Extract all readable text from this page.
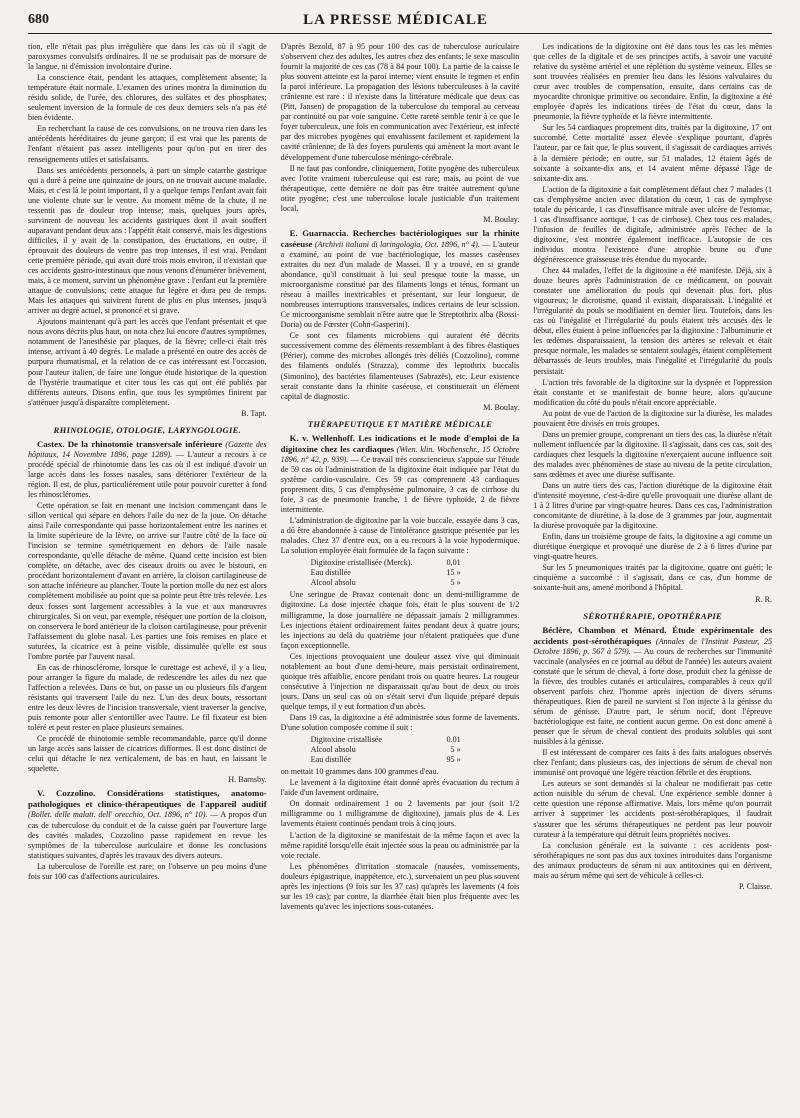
680	LA PRESSE MÉDICALE

tion, elle n'était pas plus irrégulière que dans les cas où il s'agit de paroxysmes convulsifs ordinaires. Il ne se produisait pas de morsure de la langue, ni d'émission involontaire d'urine.

La conscience était, pendant les attaques, complètement absente; la température était normale. L'examen des urines montra la diminution du résidu solide, de l'urée, des chlorures, des sulfates et des phosphates; seulement inversion de la formule de ces deux derniers sels n'a pas été bien évidente.

En recherchant la cause de ces convulsions, on ne trouva rien dans les antécédents héréditaires du jeune garçon; il est vrai que les parents de l'enfant n'étaient pas assez intelligents pour qu'on put en tirer des renseignements utiles et satisfaisants.

Dans ses antécédents personnels, à part un simple catarrhe gastrique qui a duré à peine une quinzaine de jours, on ne trouvait aucune maladie. Mais, et c'est là le point important, il y a quelque temps l'enfant avait fait une violente chute sur le ventre. Au moment même de la chute, il ne ressentit pas de douleur trop intense; mais, quelques jours après, survinrent de nouveau les accidents gastriques dont il avait souffert auparavant pendant deux ans : l'appétit était conservé, mais les digestions difficiles, il y avait de la constipation, des éructations, en outre, il éprouvait des douleurs de ventre pas trop intenses, il est vrai. Pendant cette première période, qui avait duré trois mois environ, il n'existait que ces accidents gastro-intestinaux que nous venons d'énumérer brièvement, mais, à ce moment, survint un phénomène grave : l'enfant eut la première attaque de convulsions; cette attaque fut légère et dura peu de temps. Mais les attaques qui suivirent furent de plus en plus intenses, jusqu'à arriver au degré actuel, si prononcé et si grave.

Ajoutons maintenant qu'à part les accès que l'enfant présentait et que nous avons décrits plus haut, on nota chez lui encore d'autres symptômes, notamment de l'anesthésie par plaques, de la fièvre; celle-ci était très intense, arrivant à 40 degrés. Le malade a présenté en outre des accès de purpura rhumatismal, et la relation de ce cas intéressant est l'occasion, pour l'auteur italien, de faire une longue étude historique de la question de l'hystérie traumatique et citer tous les cas qui ont été publiés par différents auteurs. Disons enfin, que tous les symptômes finirent par s'atténuer jusqu'à disparaître complètement.

B. Tapt.

RHINOLOGIE, OTOLOGIE, LARYNGOLOGIE.

Castex. De la rhinotomie transversale inférieure (Gazette des hôpitaux, 14 Novembre 1896, page 1289). — L'auteur a recours à ce procédé spécial de rhinotomie dans les cas où il est indiqué d'avoir un large accès dans les fosses nasales, sans détériorer l'extérieur de la région. Il est, de plus, particulièrement utile pour pouvoir curetter à fond les rhinoscléromes.

Cette opération se fait en menant une incision commençant dans le sillon vertical qui sépare en dehors l'aile du nez de la joue. On détache ainsi l'aile correspondante qui passe horizontalement entre les narines et la limite supérieure de la lèvre, on arrive sur l'autre côté de la face où l'incision se termine symétriquement en dehors de l'aile nasale correspondante, qu'elle détache de même. Quand cette incision est bien complète, on détache, avec des ciseaux droits ou avec le bistouri, en procédant horizontalement d'avant en arrière, la cloison cartilagineuse de son attache inférieure au plancher. Toute la portion molle du nez est alors complètement mobilisée au point que sa pointe peut être très relevée. Les deux fosses sont largement accessibles à la vue et aux manœuvres chirurgicales. Si on veut, par exemple, réséquer une portion de la cloison, on conservera le bord antérieur de la cloison cartilagineuse, pour prévenir l'affaissement du globe nasal. Les parties une fois remises en place et suturées, la cicatrice est à peine visible, dissimulée qu'elle est sous l'ombre portée par l'auvent nasal.

En cas de rhinosclérome, lorsque le curettage est achevé, il y a lieu, pour arranger la figure du malade, de redescendre les ailes du nez que l'affection a relevées. Dans ce but, on passe un ou plusieurs fils d'argent résistants qui traversent l'aile du nez. L'un des deux bouts, ressortant entre les deux lèvres de l'incision transversale, vient traverser la gencive, puis remonte pour aller s'entortiller avec l'autre. Le fil fixateur est bien toléré et peut rester en place plusieurs semaines.

Ce procédé de rhinotomie semble recommandable, parce qu'il donne un large accès sans laisser de cicatrices difformes. Il est donc distinct de celui qui détache le nez verticalement, de bas en haut, en laissant le squelette.

H. Barnsby.

V. Cozzolino. Considérations statistiques, anatomo-pathologiques et clinico-thérapeutiques de l'appareil auditif (Bollet. delle malatt. dell' orecchio, Oct. 1896, n° 10). — A propos d'un cas de tuberculose du conduit et de la caisse guéri par l'ouverture large des cavités malades, Cozzolino passe rapidement en revue les symptômes de la tuberculose auriculaire et donne les conclusions statistiques suivantes, d'après les travaux des divers auteurs.

La tuberculose de l'oreille est rare; on l'observe un peu moins d'une fois sur 100 cas d'affections auriculaires.

D'après Bezold, 87 à 95 pour 100 des cas de tuberculose auriculaire s'observent chez des adultes, les autres chez des enfants; le sexe masculin fournit la majorité de ces cas (78 à 84 pour 100). La partie de la caisse le plus souvent atteinte est la paroi interne; vient ensuite le tegmen et enfin la paroi inférieure. La propagation des lésions tuberculeuses à la cavité crânienne est rare : il n'existe dans la littérature médicale que deux cas (Pitt, Jansen) de propagation de la tuberculose du temporal au cerveau par continuité ou par voie sanguine. Cette rareté semble tenir à ce que le foyer tuberculeux, une fois en communication avec l'extérieur, est infecté par des microbes pyogènes qui envahissent facilement et rapidement la cavité crânienne; de là des foyers purulents qui amènent la mort avant le développement d'une tuberculose méningo-cérébrale.

Il ne faut pas confondre, cliniquement, l'otite pyogène des tuberculeux avec l'otite vraiment tuberculeuse qui est rare; mais, au point de vue thérapeutique, cette dernière ne doit pas être traitée autrement qu'une otite pyogène; c'est une tuberculose locale justiciable d'un traitement local.

M. Boulay.

E. Guarnaccia. Recherches bactériologiques sur la rhinite caséeuse (Archivii italiani di laringologia, Oct. 1896, n° 4). — L'auteur a examiné, au point de vue bactériologique, les masses caséeuses extraites du nez d'un malade de Massei. Il y a trouvé, en si grande abondance, qu'il constituait à lui seul presque toute la masse, un microorganisme constitué par des filaments longs et ténus, formant un réseau à mailles inextricables et présentant, sur leur longueur, de nombreuses interruptions transversales, indices certains de leur scission. Ce microorganisme semblait n'être autre que le Streptothrix alba (Rossi-Doria) ou de Fœrster (Cohn-Gasperini).

Ce sont ces filaments microbiens qui auraient été décrits successivement comme des éléments ressemblant à des fibres élastiques (Périer), comme des microbes allongés très déliés (Cozzolino), comme des filaments ondulés (Strazza), comme des leptothrix buccalis (Simonino), des bactéries filamenteuses (Sabrazès), etc. Leur existence serait constante dans la rhinite caséeuse, et constituerait un élément capital de diagnostic.

M. Boulay.

THÉRAPEUTIQUE ET MATIÈRE MÉDICALE

K. v. Wellenhoff. Les indications et le mode d'emploi de la digitoxine chez les cardiaques (Wien. klin. Wochenschr., 15 Octobre 1896, n° 42, p. 939). — Ce travail très consciencieux s'appuie sur l'étude de 59 cas où l'administration de la digitoxine était indiquée par l'état du système cardio-vasculaire. Ces 59 cas comprennent 43 cardiaques proprement dits, 5 cas d'emphysème pulmonaire, 3 cas de cirrhose du foie, 3 cas de pneumonie franche, 1 de fièvre typhoïde, 2 de fièvre intermittente.

L'administration de digitoxine par la voie buccale, essayée dans 3 cas, a dû être abandonnée à cause de l'intolérance gastrique présentée par les malades. Chez 37 d'entre eux, on a eu recours à la voie hypodermique. La solution employée était formulée de la façon suivante :

Digitoxine cristallisée (Merck).	0,01
Eau distillée	15 »
Alcool absolu	5 »

Une seringue de Pravaz contenait donc un demi-milligramme de digitoxine. La dose injectée chaque fois, était le plus souvent de 1/2 milligramme, la dose journalière ne dépassait jamais 2 milligrammes. Les injections étaient ordinairement faites pendant deux à quatre jours; les injections au delà du quatrième jour n'étaient pratiquées que d'une façon exceptionnelle.

Ces injections provoquaient une douleur assez vive qui diminuait notablement au bout d'une demi-heure, mais persistait ordinairement, quoique très affaiblie, encore pendant trois ou quatre heures. La rougeur consécutive à l'injection ne disparaissait qu'au bout de deux ou trois jours. Dans un seul cas où on s'était servi d'un liquide préparé depuis quelque temps, il y eut formation d'un abcès.

Dans 19 cas, la digitoxine a été administrée sous forme de lavements. D'une solution composée comme il suit :

Digitoxine cristallisée	0.01
Alcool absolu	5 »
Eau distillée	95 »

on mettait 10 grammes dans 100 grammes d'eau.

Le lavement à la digitoxine était donné après évacuation du rectum à l'aide d'un lavement ordinaire.

On donnait ordinairement 1 ou 2 lavements par jour (soit 1/2 milligramme ou 1 milligramme de digitoxine), jamais plus de 4. Les lavements étaient continués pendant trois à cinq jours.

L'action de la digitoxine se manifestait de la même façon et avec la même rapidité lorsqu'elle était injectée sous la peau ou administrée par la voie rectale.

Les phénomènes d'irritation stomacale (nausées, vomissements, douleurs épigastrique, inappétence, etc.), survenaient un peu plus souvent après les injections (9 fois sur les 37 cas) qu'après les lavements (4 fois sur les 19 cas); par contre, la diarrhée était bien plus fréquente avec les lavements qu'avec les injections sous-cutanées.

Les indications de la digitoxine ont été dans tous les cas les mêmes que celles de la digitale et de ses principes actifs, à savoir une vacuité relative du système artériel et une réplétion du système veineux. Elles se sont trouvées réalisées en premier lieu dans les lésions valvulaires du cœur avec troubles de compensation, ensuite, dans certains cas de myocardite chronique primitive ou secondaire. Enfin, la digitoxine a été employée d'après les indications tirées de l'état du cœur, dans la pneumonie, la fièvre typhoïde et la fièvre intermittente.

Sur les 54 cardiaques proprement dits, traités par la digitoxine, 17 ont succombé. Cette mortalité assez élevée s'explique pourtant, d'après l'auteur, par ce fait que, le plus souvent, il s'agissait de cardiaques arrivés à la dernière période; en outre, sur 51 malades, 12 étaient âgés de soixante à soixante-dix ans, et 14 avaient même dépassé l'âge de soixante-dix ans.

L'action de la digitoxine a fait complètement défaut chez 7 malades (1 cas d'emphysème ancien avec dilatation du cœur, 1 cas de symphyse totale du péricarde, 1 cas d'insuffisance mitrale avec ulcère de l'estomac, 1 cas d'insuffisance aortique, 1 cas de cirrhose). Chez tous ces malades, l'infusion de feuilles de digitale, administrée après l'échec de la digitoxine, s'est montrée également inefficace. L'autopsie de ces individus montra l'existence d'une atrophie brune ou d'une dégénérescence graisseuse très étendue du myocarde.

Chez 44 malades, l'effet de la digitoxine a été manifeste. Déjà, six à douze heures après l'administration de ce médicament, on pouvait constater une amélioration du pouls qui devenait plus fort, plus vigoureux; le dicrotisme, quand il existait, disparaissait. L'inégalité et l'irrégularité du pouls se modifiaient en dernier lieu. Toutefois, dans les cas où l'inégalité et l'irrégularité du pouls étaient très accusés dès le début, elles étaient à peine influencées par la digitoxine : l'albuminurie et les œdèmes disparaissaient, la tension des artères se relevait et était presque normale, les malades se sentaient soulagés, étaient complètement débarrassés de leurs troubles, mais l'inégalité et l'irrégularité du pouls persistait.

L'action très favorable de la digitoxine sur la dyspnée et l'oppression était constante et se manifestait de bonne heure, alors qu'aucune modification du côté du pouls n'était encore appréciable.

Au point de vue de l'action de la digitoxine sur la diurèse, les malades pouvaient être divisés en trois groupes.

Dans un premier groupe, comprenant un tiers des cas, la diurèse n'était nullement influencée par la digitoxine. Il s'agissait, dans ces cas, soit des cardiaques chez lesquels la digitoxine n'exerçaient aucune influence soit des malades avec phénomènes de stase au niveau de la petite circulation, sans œdèmes et avec une diurèse suffisante.

Dans un autre tiers des cas, l'action diurétique de la digitoxine était d'intensité moyenne, c'est-à-dire qu'elle provoquait une diurèse allant de 1 à 2 litres d'urine par vingt-quatre heures. Dans ces cas, l'administration concomitante de diurétine, à la dose de 3 grammes par jour, augmentait la diurèse provoquée par la digitoxine.

Enfin, dans un troisième groupe de faits, la digitoxine a agi comme un diurétique énergique et provoqué une diurèse de 2 à 6 litres d'urine par vingt-quatre heures.

Sur les 5 pneumoniques traités par la digitoxine, quatre ont guéri; le cinquième a succombé : il s'agissait, dans ce cas, d'un homme de soixante-huit ans, amené moribond à l'hôpital.

R. R.

SÉROTHÉRAPIE, OPOTHÉRAPIE

Béclère, Chambon et Ménard. Étude expérimentale des accidents post-sérothérapiques (Annales de l'Institut Pasteur, 25 Octobre 1896, p. 567 à 579). — Au cours de recherches sur l'immunité vaccinale (analysées en ce journal au début de l'année) les auteurs avaient constaté que le sérum de cheval, à forte dose, produit chez la génisse de la fièvre, des troubles cutanés et articulaires, comparables à ceux qu'il observent parfois chez l'homme après injection de divers sérums thérapeutiques. Rien de pareil ne survient si l'on injecte à la génisse du sérum de génisse. D'autre part, le sérum nocif, dont l'épreuve bactériologique est faite, ne contient aucun germe. On est donc amené à penser que le sérum de cheval contient des produits solubles qui sont nuisibles à la génisse.

Il est intéressant de comparer ces faits à des faits analogues observés chez l'enfant; dans plusieurs cas, des injections de sérum de cheval non immunisé ont provoqué une légère réaction fébrile et des éruptions.

Les auteurs se sont demandés si la chaleur ne modifierait pas cette action nuisible du sérum de cheval. Une expérience semble donner à cette question une réponse affirmative. Mais, lors même qu'on pourrait arriver à supprimer les accidents post-sérothérapiques, il faudrait s'assurer que les sérums thérapeutiques ne perdent pas leur pouvoir curateur à la température qui détruit leurs propriétés nocives.

La conclusion générale est la suivante : ces accidents post-sérothérapiques ne sont pas dus aux toxines introduites dans l'organisme des animaux producteurs de sérum ni aux antitoxines qui en dérivent, mais au sérum même qui sert de véhicule à celles-ci.

P. Claisse.
